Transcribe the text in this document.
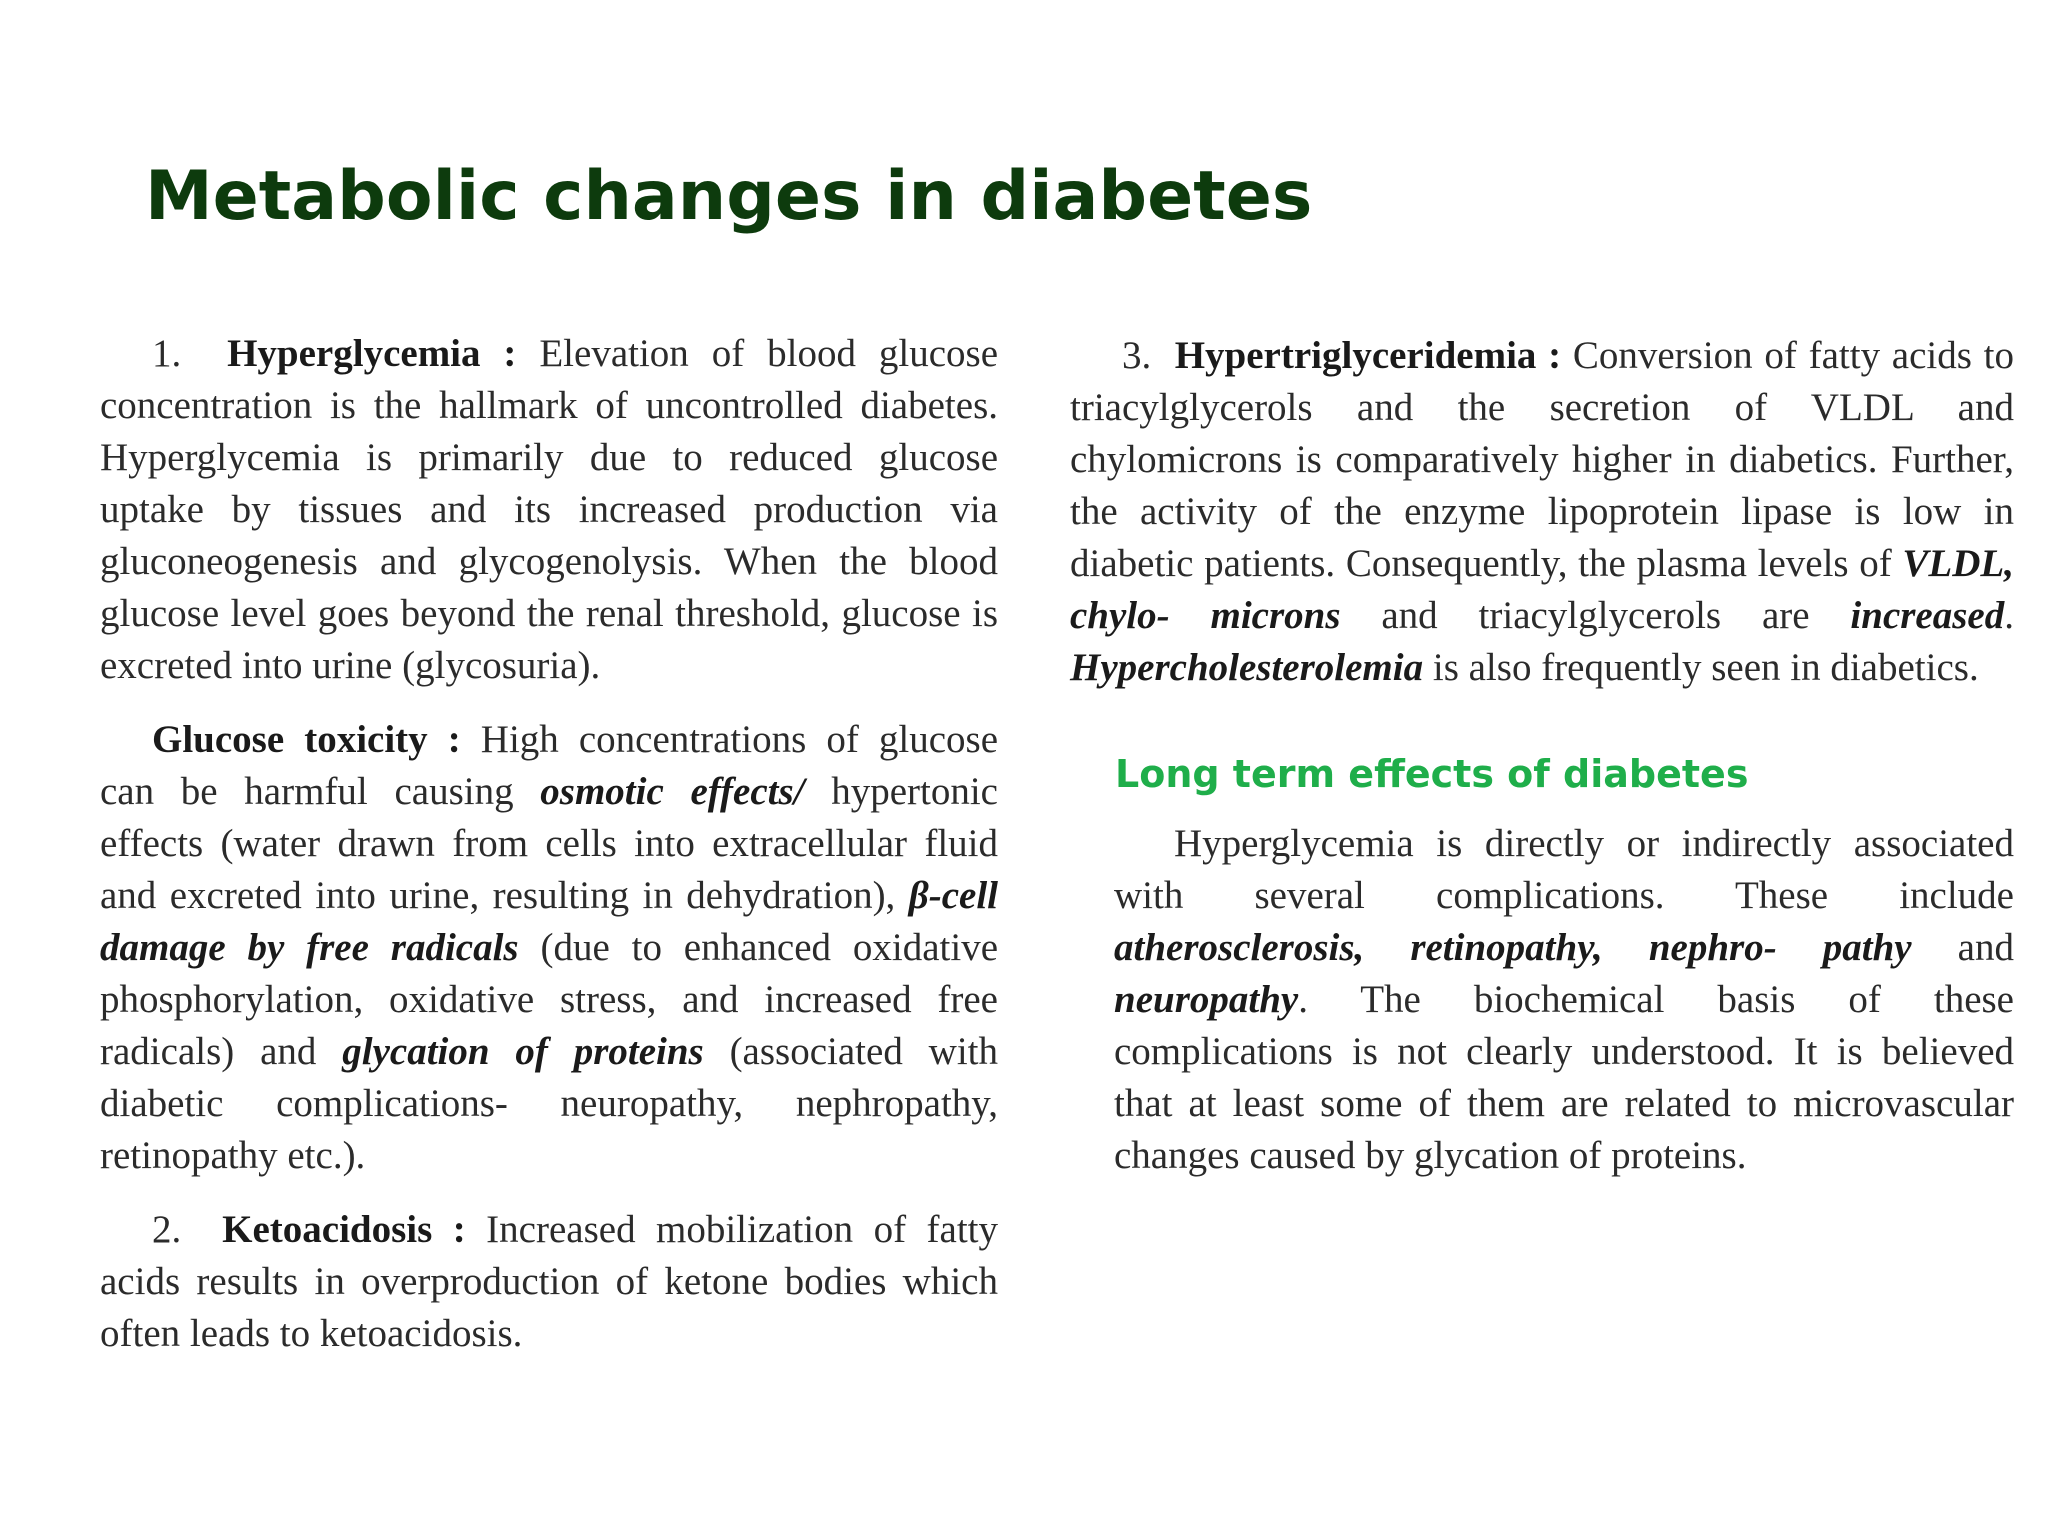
Metabolic changes in diabetes

1. Hyperglycemia : Elevation of blood glucose concentration is the hallmark of uncontrolled diabetes. Hyperglycemia is primarily due to reduced glucose uptake by tissues and its increased production via gluconeogenesis and glycogenolysis. When the blood glucose level goes beyond the renal threshold, glucose is excreted into urine (glycosuria).

Glucose toxicity : High concentrations of glucose can be harmful causing osmotic effects/ hypertonic effects (water drawn from cells into extracellular fluid and excreted into urine, resulting in dehydration), β-cell damage by free radicals (due to enhanced oxidative phosphorylation, oxidative stress, and increased free radicals) and glycation of proteins (associated with diabetic complications- neuropathy, nephropathy, retinopathy etc.).

2. Ketoacidosis : Increased mobilization of fatty acids results in overproduction of ketone bodies which often leads to ketoacidosis.

3. Hypertriglyceridemia : Conversion of fatty acids to triacylglycerols and the secretion of VLDL and chylomicrons is comparatively higher in diabetics. Further, the activity of the enzyme lipoprotein lipase is low in diabetic patients. Consequently, the plasma levels of VLDL, chylo- microns and triacylglycerols are increased. Hypercholesterolemia is also frequently seen in diabetics.

Long term effects of diabetes

Hyperglycemia is directly or indirectly associated with several complications. These include atherosclerosis, retinopathy, nephro- pathy and neuropathy. The biochemical basis of these complications is not clearly understood. It is believed that at least some of them are related to microvascular changes caused by glycation of proteins.
